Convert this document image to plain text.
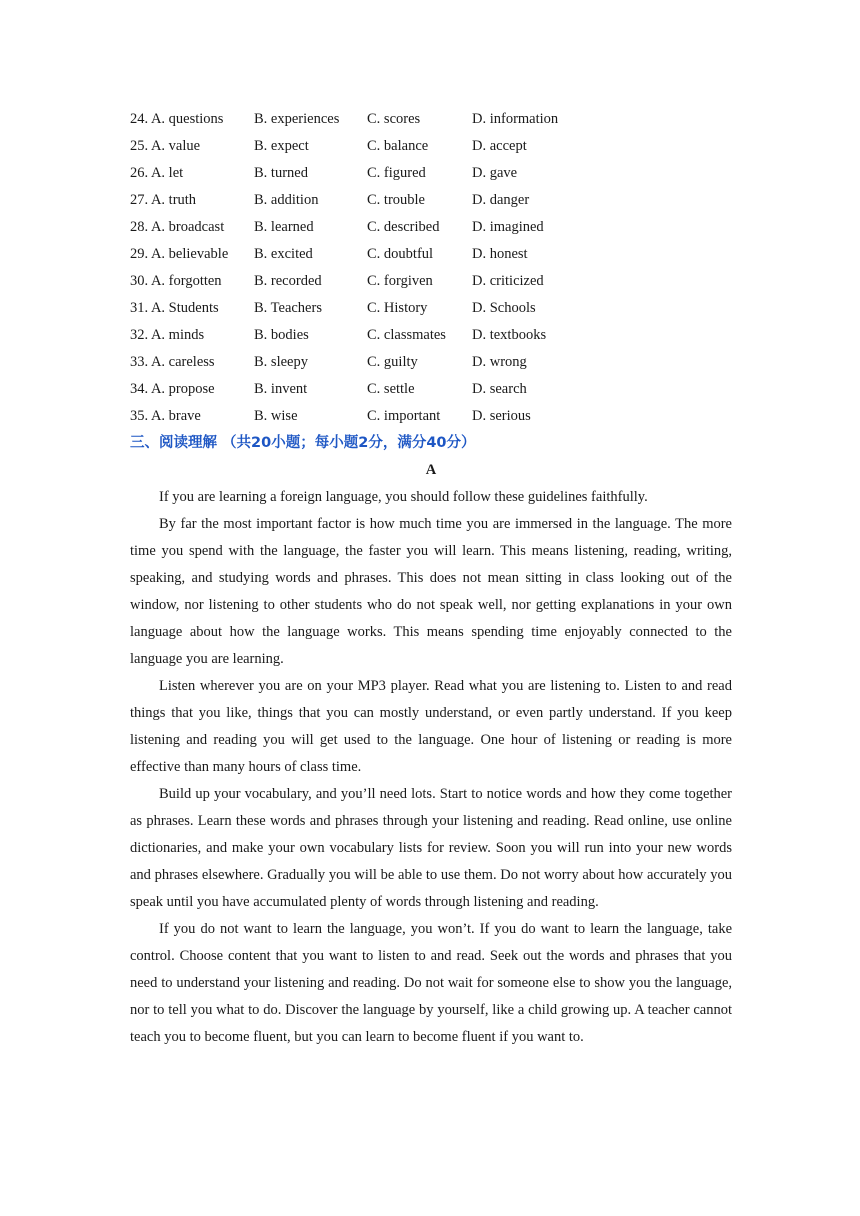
24. A. questions	B. experiences	C. scores	D. information
25. A. value	B. expect	C. balance	D. accept
26. A. let	B. turned	C. figured	D. gave
27. A. truth	B. addition	C. trouble	D. danger
28. A. broadcast	B. learned	C. described	D. imagined
29. A. believable	B. excited	C. doubtful	D. honest
30. A. forgotten	B. recorded	C. forgiven	D. criticized
31. A. Students	B. Teachers	C. History	D. Schools
32. A. minds	B. bodies	C. classmates	D. textbooks
33. A. careless	B. sleepy	C. guilty	D. wrong
34. A. propose	B. invent	C. settle	D. search
35. A. brave	B. wise	C. important	D. serious
三、阅读理解 （共20小题；每小题2分，满分40分）
A

If you are learning a foreign language, you should follow these guidelines faithfully.

By far the most important factor is how much time you are immersed in the language. The more time you spend with the language, the faster you will learn. This means listening, reading, writing, speaking, and studying words and phrases. This does not mean sitting in class looking out of the window, nor listening to other students who do not speak well, nor getting explanations in your own language about how the language works. This means spending time enjoyably connected to the language you are learning.

Listen wherever you are on your MP3 player. Read what you are listening to. Listen to and read things that you like, things that you can mostly understand, or even partly understand. If you keep listening and reading you will get used to the language. One hour of listening or reading is more effective than many hours of class time.

Build up your vocabulary, and you’ll need lots. Start to notice words and how they come together as phrases. Learn these words and phrases through your listening and reading. Read online, use online dictionaries, and make your own vocabulary lists for review. Soon you will run into your new words and phrases elsewhere. Gradually you will be able to use them. Do not worry about how accurately you speak until you have accumulated plenty of words through listening and reading.

If you do not want to learn the language, you won’t. If you do want to learn the language, take control. Choose content that you want to listen to and read. Seek out the words and phrases that you need to understand your listening and reading. Do not wait for someone else to show you the language, nor to tell you what to do. Discover the language by yourself, like a child growing up. A teacher cannot teach you to become fluent, but you can learn to become fluent if you want to.
